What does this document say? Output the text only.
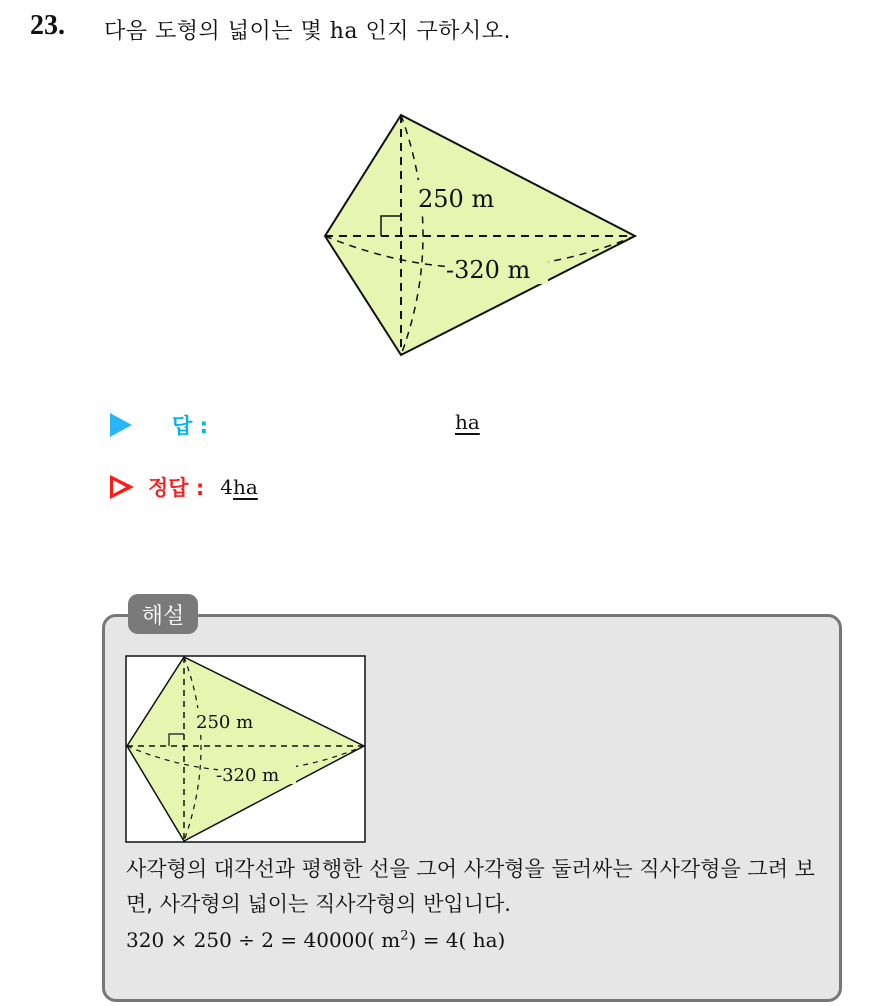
23. 다음 도형의 넓이는 몇 ha 인지 구하시오.
250 m
-320 m
답 :	ha
정답 : 4ha
해설
250 m
-320 m
사각형의 대각선과 평행한 선을 그어 사각형을 둘러싸는 직사각형을 그려 보면, 사각형의 넓이는 직사각형의 반입니다.
320 × 250 ÷ 2 = 40000( $m^2) = 4$( ha)
